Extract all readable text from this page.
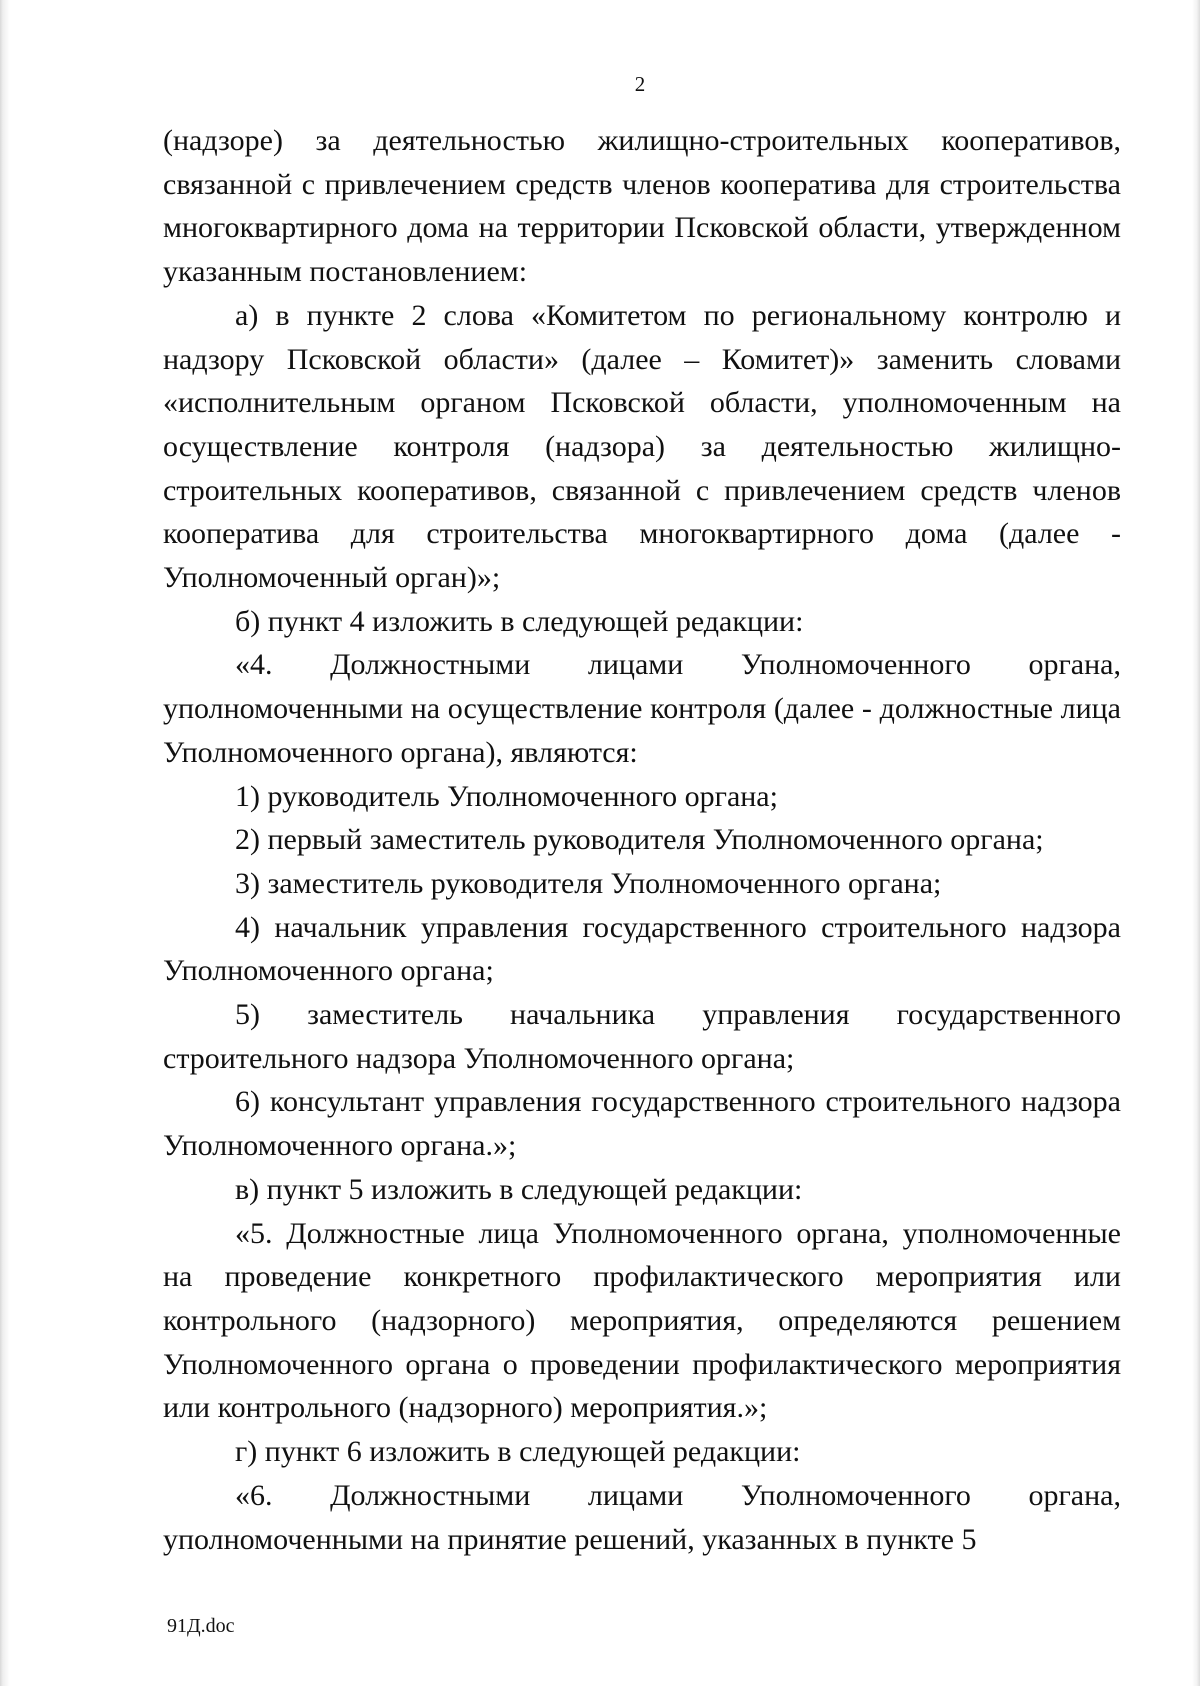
2

(надзоре) за деятельностью жилищно-строительных кооперативов, связанной с привлечением средств членов кооператива для строительства многоквартирного дома на территории Псковской области, утвержденном указанным постановлением:

а) в пункте 2 слова «Комитетом по региональному контролю и надзору Псковской области» (далее – Комитет)» заменить словами «исполнительным органом Псковской области, уполномоченным на осуществление контроля (надзора) за деятельностью жилищно-строительных кооперативов, связанной с привлечением средств членов кооператива для строительства многоквартирного дома (далее - Уполномоченный орган)»;

б) пункт 4 изложить в следующей редакции:

«4. Должностными лицами Уполномоченного органа, уполномоченными на осуществление контроля (далее - должностные лица Уполномоченного органа), являются:

1) руководитель Уполномоченного органа;

2) первый заместитель руководителя Уполномоченного органа;

3) заместитель руководителя Уполномоченного органа;

4) начальник управления государственного строительного надзора Уполномоченного органа;

5) заместитель начальника управления государственного строительного надзора Уполномоченного органа;

6) консультант управления государственного строительного надзора Уполномоченного органа.»;

в) пункт 5 изложить в следующей редакции:

«5. Должностные лица Уполномоченного органа, уполномоченные на проведение конкретного профилактического мероприятия или контрольного (надзорного) мероприятия, определяются решением Уполномоченного органа о проведении профилактического мероприятия или контрольного (надзорного) мероприятия.»;

г) пункт 6 изложить в следующей редакции:

«6. Должностными лицами Уполномоченного органа, уполномоченными на принятие решений, указанных в пункте 5

91Д.doc
